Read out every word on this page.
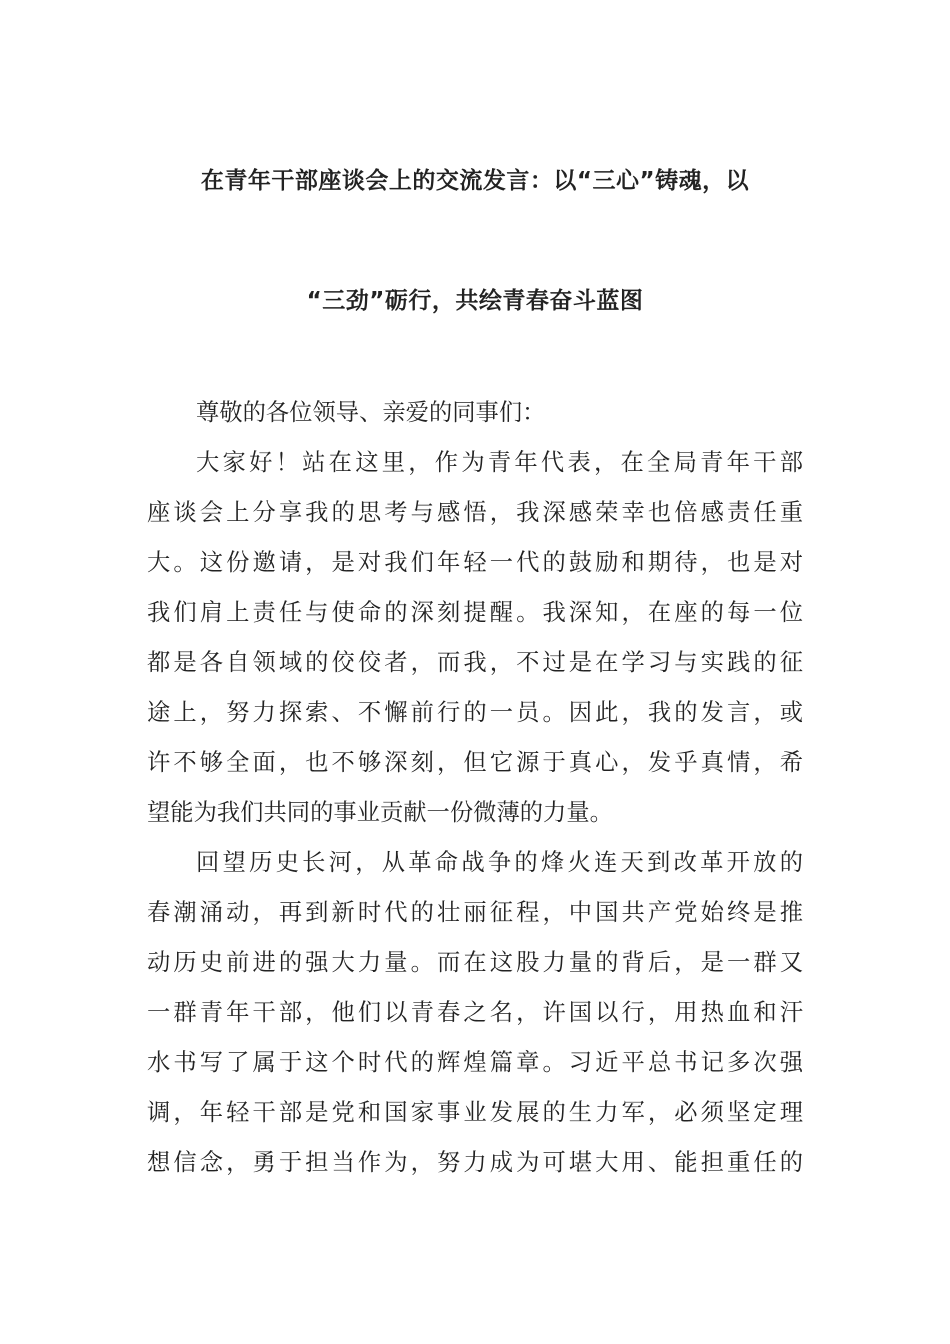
在青年干部座谈会上的交流发言：以“三心”铸魂，以
“三劲”砺行，共绘青春奋斗蓝图
尊敬的各位领导、亲爱的同事们：
大家好！站在这里，作为青年代表，在全局青年干部
座谈会上分享我的思考与感悟，我深感荣幸也倍感责任重
大。这份邀请，是对我们年轻一代的鼓励和期待，也是对
我们肩上责任与使命的深刻提醒。我深知，在座的每一位
都是各自领域的佼佼者，而我，不过是在学习与实践的征
途上，努力探索、不懈前行的一员。因此，我的发言，或
许不够全面，也不够深刻，但它源于真心，发乎真情，希
望能为我们共同的事业贡献一份微薄的力量。
回望历史长河，从革命战争的烽火连天到改革开放的
春潮涌动，再到新时代的壮丽征程，中国共产党始终是推
动历史前进的强大力量。而在这股力量的背后，是一群又
一群青年干部，他们以青春之名，许国以行，用热血和汗
水书写了属于这个时代的辉煌篇章。习近平总书记多次强
调，年轻干部是党和国家事业发展的生力军，必须坚定理
想信念，勇于担当作为，努力成为可堪大用、能担重任的
